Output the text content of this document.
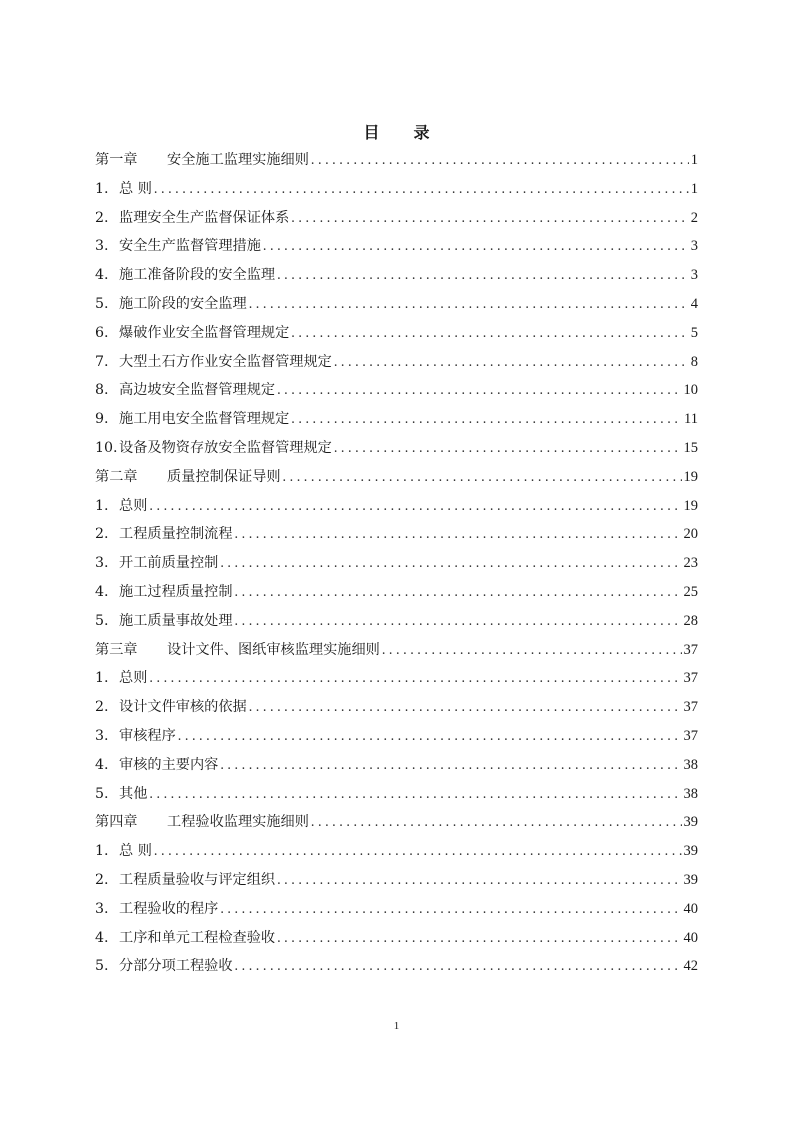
目 录
第一章 安全施工监理实施细则 . . .	1
1. 总 则 . . .	1
2. 监理安全生产监督保证体系 . . .	2
3. 安全生产监督管理措施 . . .	3
4. 施工准备阶段的安全监理 . . .	3
5. 施工阶段的安全监理 . . .	4
6. 爆破作业安全监督管理规定 . . .	5
7. 大型土石方作业安全监督管理规定 . . .	8
8. 高边坡安全监督管理规定 . . .	10
9. 施工用电安全监督管理规定 . . .	11
10.设备及物资存放安全监督管理规定 . . .	15
第二章 质量控制保证导则 . . .	19
1. 总则 . . .	19
2. 工程质量控制流程 . . .	20
3. 开工前质量控制 . . .	23
4. 施工过程质量控制 . . .	25
5. 施工质量事故处理 . . .	28
第三章 设计文件、图纸审核监理实施细则 . . .	37
1. 总则 . . .	37
2. 设计文件审核的依据 . . .	37
3. 审核程序 . . .	37
4. 审核的主要内容 . . .	38
5. 其他 . . .	38
第四章 工程验收监理实施细则 . . .	39
1. 总 则 . . .	39
2. 工程质量验收与评定组织 . . .	39
3. 工程验收的程序 . . .	40
4. 工序和单元工程检查验收 . . .	40
5. 分部分项工程验收 . . .	42
1
